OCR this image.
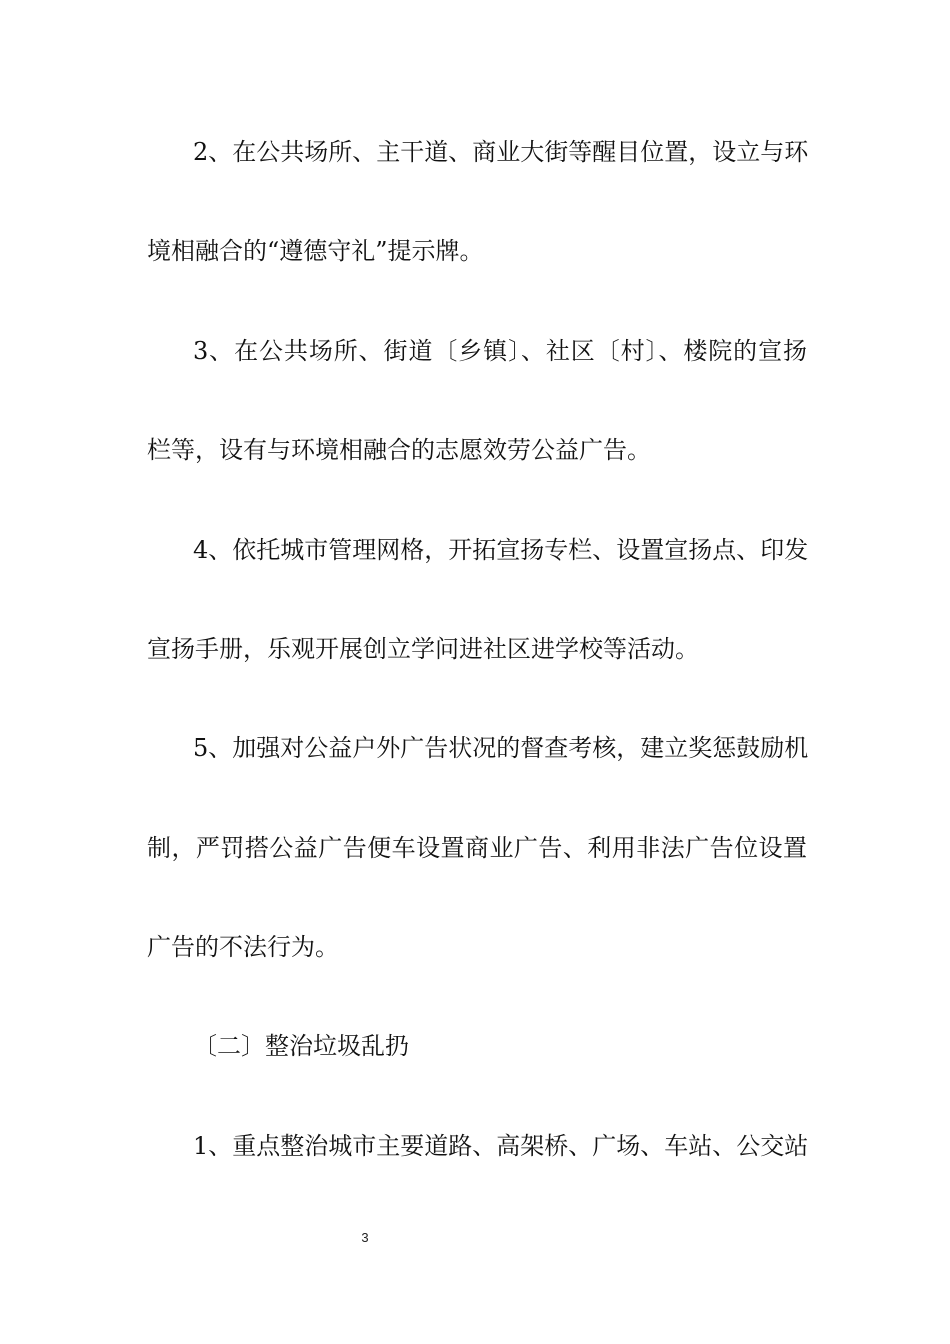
2、在公共场所、主干道、商业大街等醒目位置，设立与环
境相融合的“遵德守礼”提示牌。
3、在公共场所、街道〔乡镇〕、社区〔村〕、楼院的宣扬
栏等，设有与环境相融合的志愿效劳公益广告。
4、依托城市管理网格，开拓宣扬专栏、设置宣扬点、印发
宣扬手册，乐观开展创立学问进社区进学校等活动。
5、加强对公益户外广告状况的督查考核，建立奖惩鼓励机
制，严罚搭公益广告便车设置商业广告、利用非法广告位设置
广告的不法行为。
〔二〕整治垃圾乱扔
1、重点整治城市主要道路、高架桥、广场、车站、公交站
3
